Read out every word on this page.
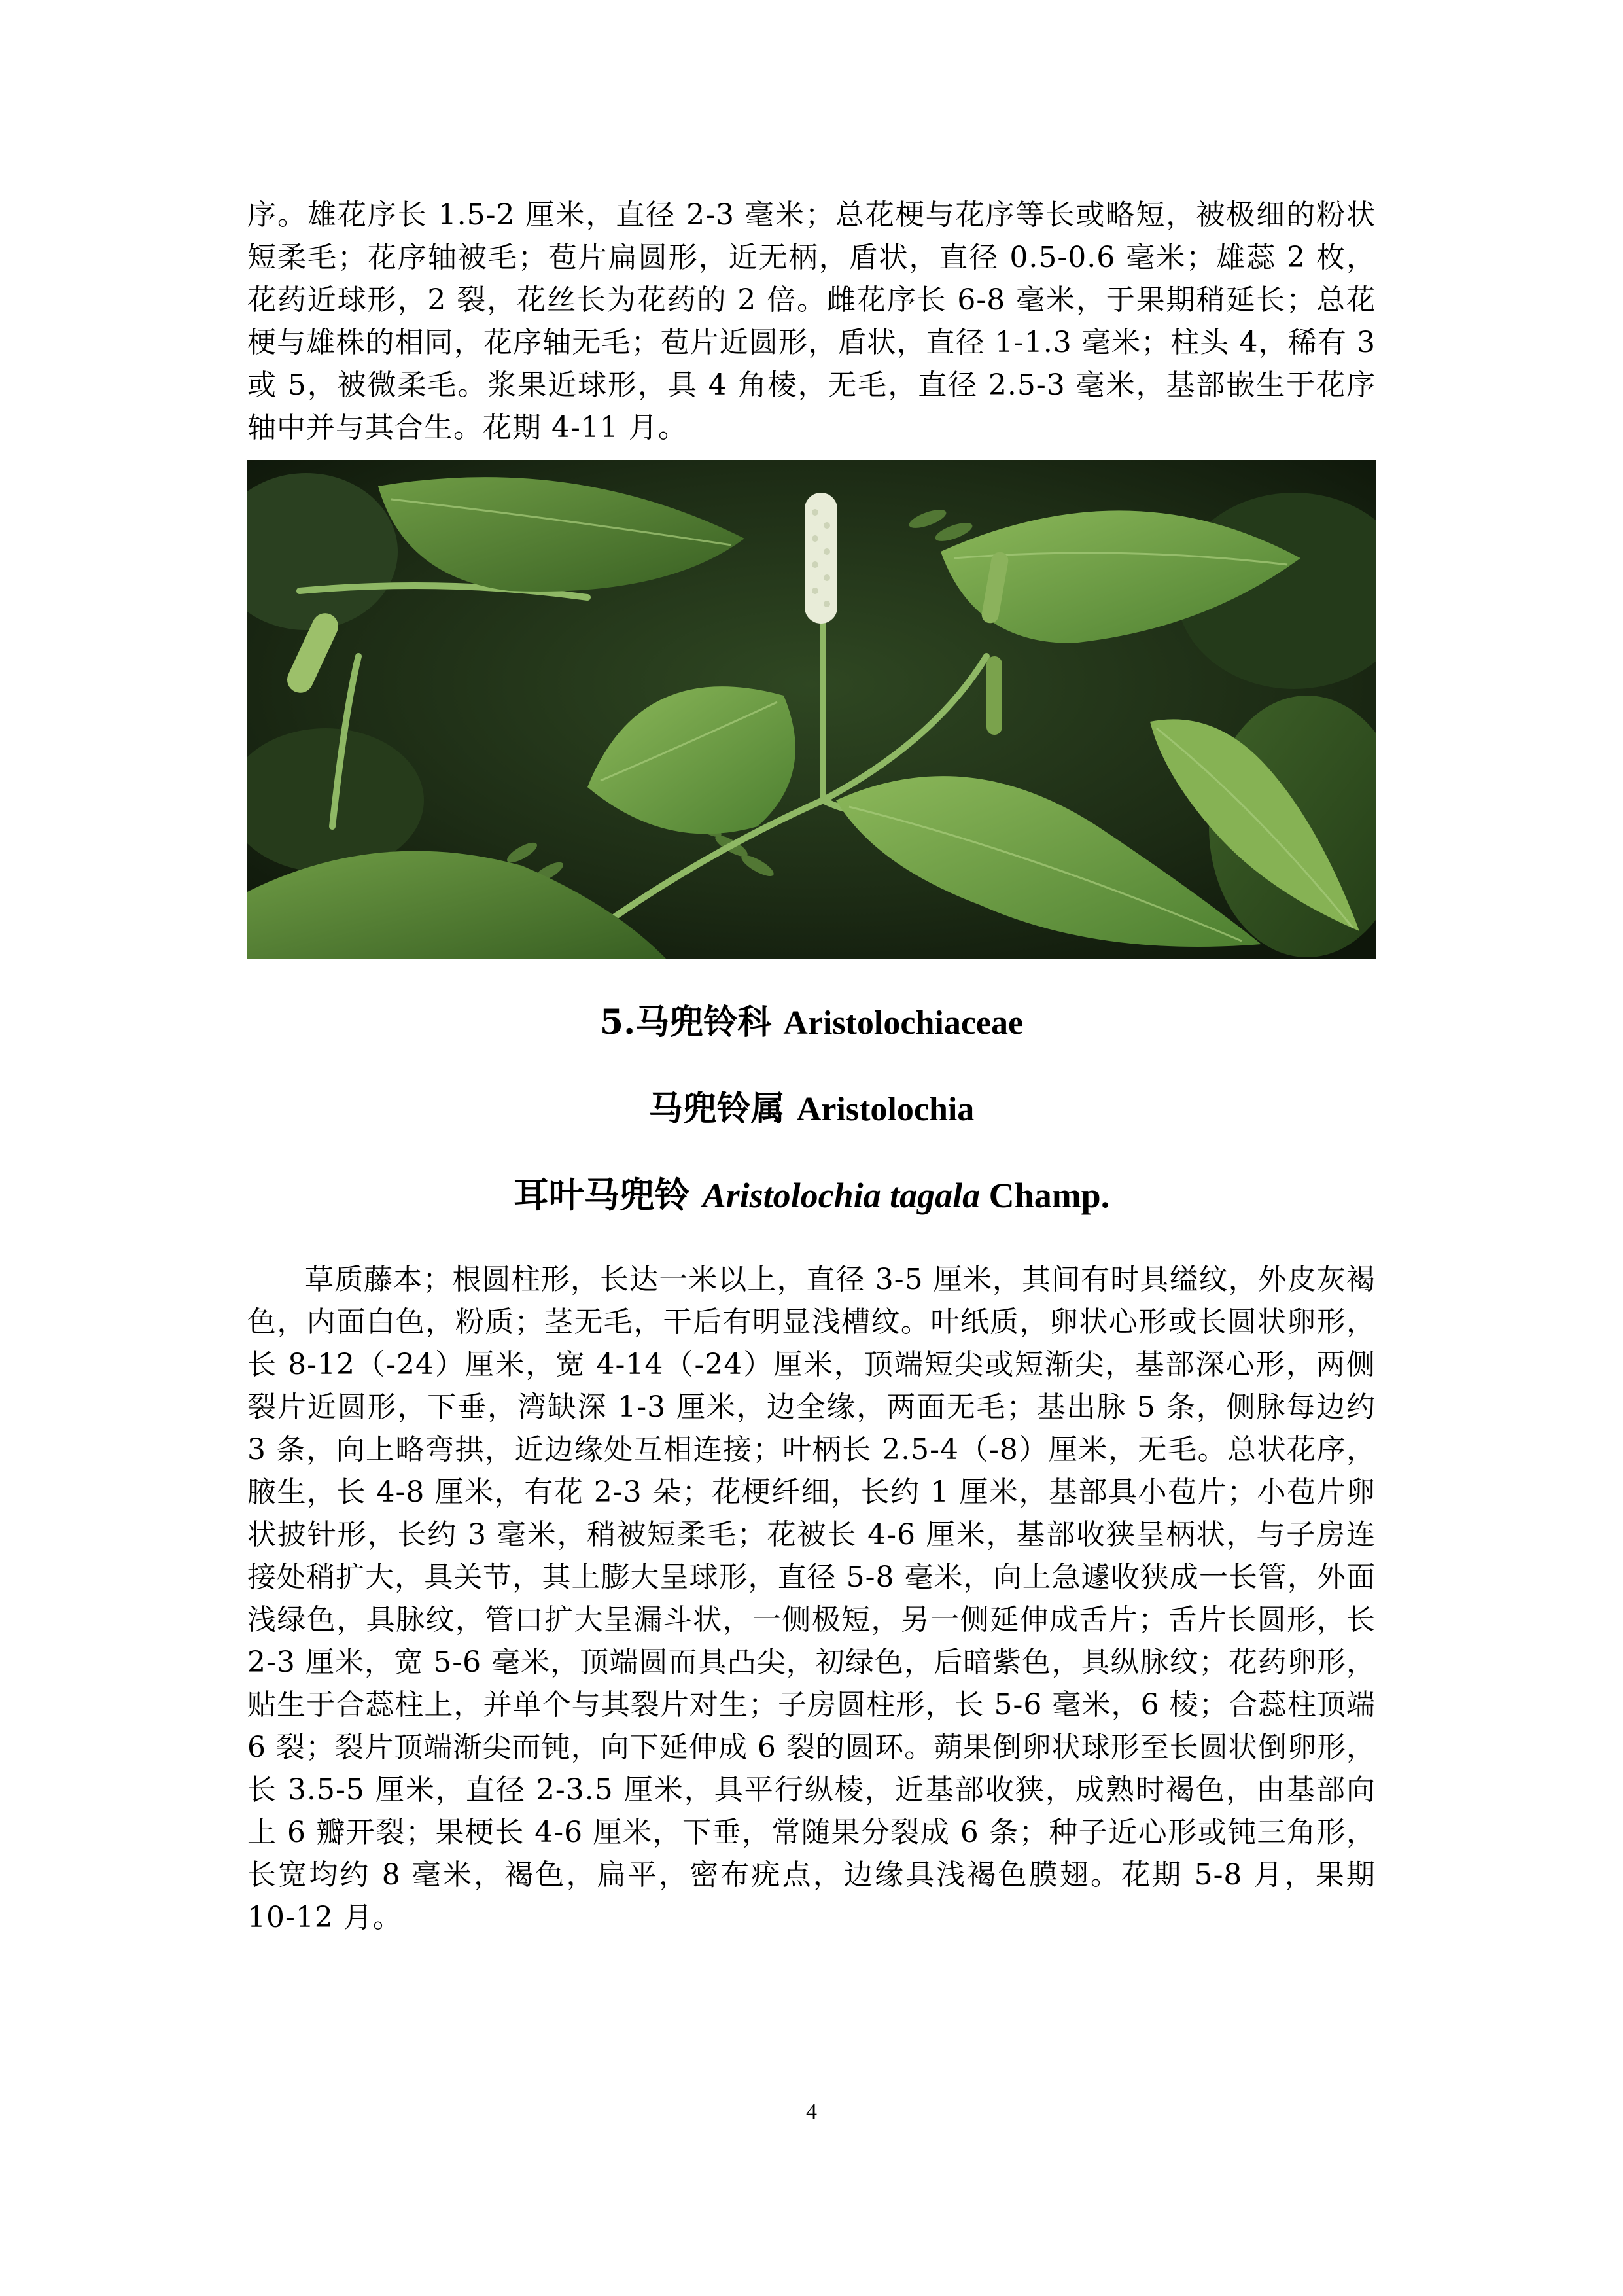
序。雄花序长 1.5-2 厘米，直径 2-3 毫米；总花梗与花序等长或略短，被极细的粉状短柔毛；花序轴被毛；苞片扁圆形，近无柄，盾状，直径 0.5-0.6 毫米；雄蕊 2 枚，花药近球形，2 裂，花丝长为花药的 2 倍。雌花序长 6-8 毫米，于果期稍延长；总花梗与雄株的相同，花序轴无毛；苞片近圆形，盾状，直径 1-1.3 毫米；柱头 4，稀有 3 或 5，被微柔毛。浆果近球形，具 4 角棱，无毛，直径 2.5-3 毫米，基部嵌生于花序轴中并与其合生。花期 4-11 月。

5.马兜铃科 Aristolochiaceae
马兜铃属 Aristolochia
耳叶马兜铃 Aristolochia tagala Champ.

草质藤本；根圆柱形，长达一米以上，直径 3-5 厘米，其间有时具缢纹，外皮灰褐色，内面白色，粉质；茎无毛，干后有明显浅槽纹。叶纸质，卵状心形或长圆状卵形，长 8-12（-24）厘米，宽 4-14（-24）厘米，顶端短尖或短渐尖，基部深心形，两侧裂片近圆形，下垂，湾缺深 1-3 厘米，边全缘，两面无毛；基出脉 5 条，侧脉每边约 3 条，向上略弯拱，近边缘处互相连接；叶柄长 2.5-4（-8）厘米，无毛。总状花序，腋生，长 4-8 厘米，有花 2-3 朵；花梗纤细，长约 1 厘米，基部具小苞片；小苞片卵状披针形，长约 3 毫米，稍被短柔毛；花被长 4-6 厘米，基部收狭呈柄状，与子房连接处稍扩大，具关节，其上膨大呈球形，直径 5-8 毫米，向上急遽收狭成一长管，外面浅绿色，具脉纹，管口扩大呈漏斗状，一侧极短，另一侧延伸成舌片；舌片长圆形，长 2-3 厘米，宽 5-6 毫米，顶端圆而具凸尖，初绿色，后暗紫色，具纵脉纹；花药卵形，贴生于合蕊柱上，并单个与其裂片对生；子房圆柱形，长 5-6 毫米，6 棱；合蕊柱顶端 6 裂；裂片顶端渐尖而钝，向下延伸成 6 裂的圆环。蒴果倒卵状球形至长圆状倒卵形，长 3.5-5 厘米，直径 2-3.5 厘米，具平行纵棱，近基部收狭，成熟时褐色，由基部向上 6 瓣开裂；果梗长 4-6 厘米，下垂，常随果分裂成 6 条；种子近心形或钝三角形，长宽均约 8 毫米，褐色，扁平，密布疣点，边缘具浅褐色膜翅。花期 5-8 月，果期 10-12 月。

4
